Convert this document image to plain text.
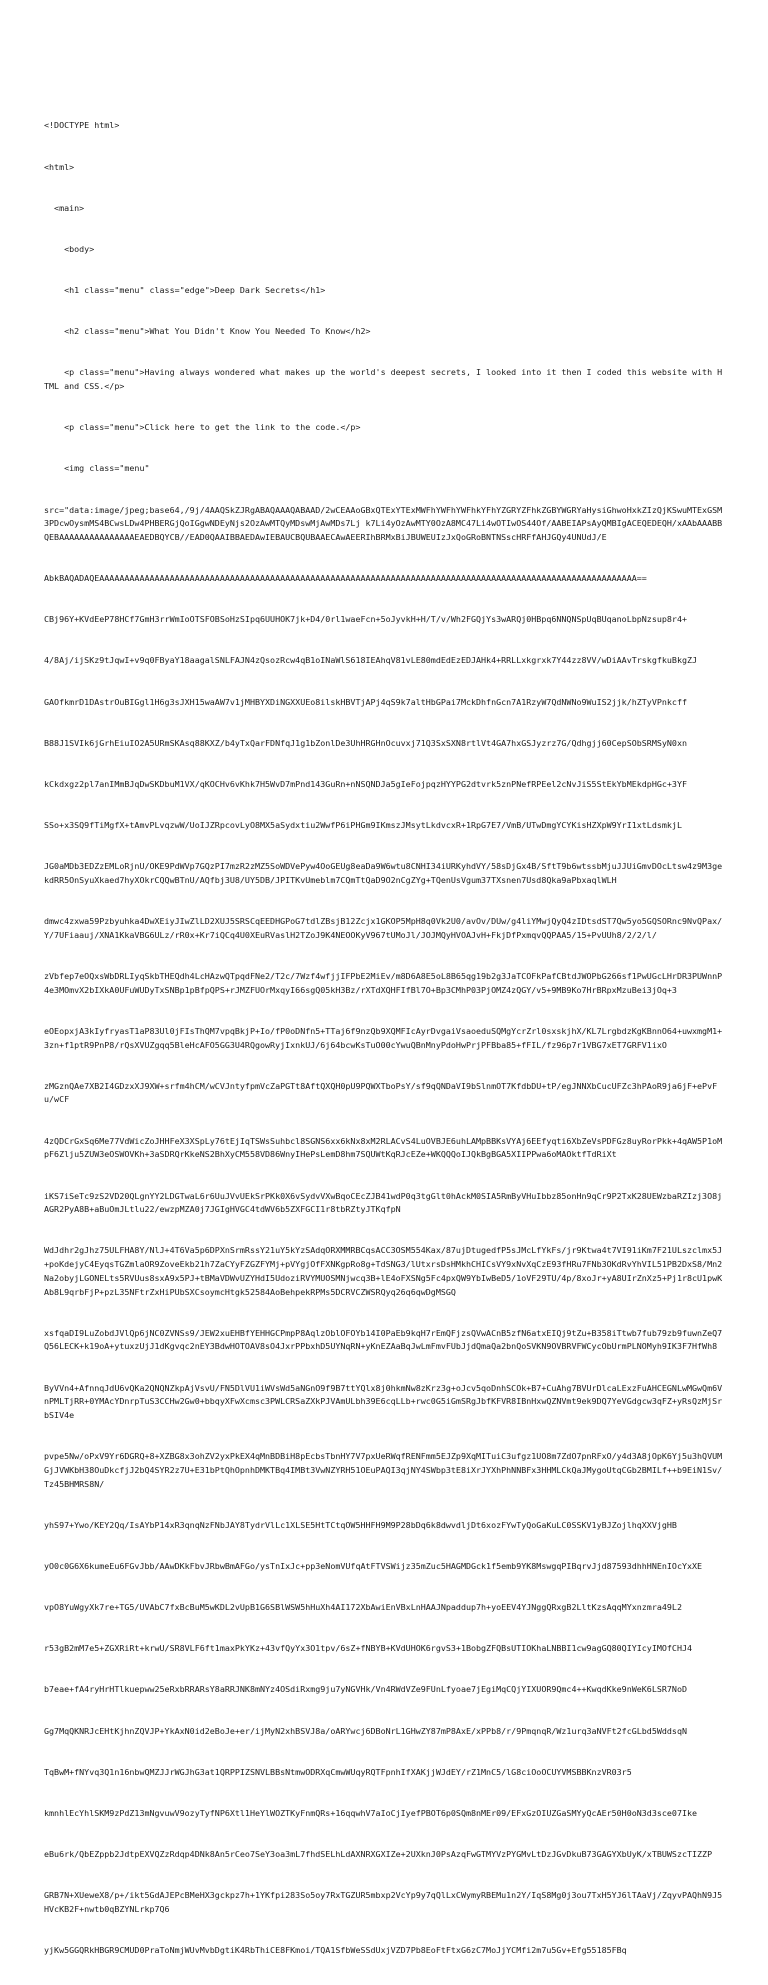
<!DOCTYPE html>

<html>

<main>

<body>

<h1 class="menu" class="edge">Deep Dark Secrets</h1>

<h2 class="menu">What You Didn't Know You Needed To Know</h2>

<p class="menu">Having always wondered what makes up the world's deepest secrets, I looked into it then I coded this website with HTML and CSS.</p>

<p class="menu">Click here to get the link to the code.</p>

<img class="menu"

src="data:image/jpeg;base64,/9j/4AAQSkZJRgABAQAAAQABAAD/2wCEAAoGBxQTExYTExMWFhYWFhYWFhkYFhYZGRYZFhkZGBYWGRYaHysiGhwoHxkZIzQjKSwuMTExGSM3PDcwOysmMS4BCwsLDw4PHBERGjQoIGgwNDEyNjs2OzAwMTQyMDswMjAwMDs7Lj k7Li4yOzAwMTY0OzA8MC47Li4wOTIwOS44Of/AABEIAPsAyQMBIgACEQEDEQH/xAAbAAABBQEBAAAAAAAAAAAAAAAEAEDBQYCB//EAD0QAAIBBAEDAwIEBAUCBQUBAAECAwAEERIhBRMxBiJBUWEUIzJxQoGRoBNTNSscHRFfAHJGQy4UNUdJ/E

AbkBAQADAQEAAAAAAAAAAAAAAAAAAAAAAAAAAAAAAAAAAAAAAAAAAAAAAAAAAAAAAAAAAAAAAAAAAAAAAAAAAAAAAAAAAAAAAAAAAAAAAAAAAAAAAAAAAA==

CBj96Y+KVdEeP78HCf7GmH3rrWmIoOTSFOBSoHzSIpq6UUHOK7jk+D4/0rl1waeFcn+5oJyvkH+H/T/v/Wh2FGQjYs3wARQj0HBpq6NNQNSpUqBUqanoLbpNzsup8r4+

4/8Aj/ijSKz9tJqwI+v9q0FByaY18aagalSNLFAJN4zQsozRcw4qB1oINaWlS618IEAhqV81vLE80mdEdEzEDJAHk4+RRLLxkgrxk7Y44zz8VV/wDiAAvTrskgfkuBkgZJ

GAOfkmrD1DAstrOuBIGgl1H6g3sJXH15waAW7v1jMHBYXDiNGXXUEo8ilskHBVTjAPj4qS9k7altHbGPai7MckDhfnGcn7A1RzyW7QdNWNo9WuIS2jjk/hZTyVPnkcff

B88J1SVIk6jGrhEiuIO2A5URmSKAsq88KXZ/b4yTxQarFDNfqJ1g1bZonlDe3UhHRGHnOcuvxj71Q3SxSXN8rtlVt4GA7hxGSJyzrz7G/Qdhgjj60CepSObSRMSyN0xn

kCkdxgz2pl7anIMmBJqDwSKDbuM1VX/qKOCHv6vKhk7H5WvD7mPnd143GuRn+nNSQNDJa5gIeFojpqzHYYPG2dtvrk5znPNefRPEel2cNvJiS5StEkYbMEkdpHGc+3YF

SSo+x3SQ9fTiMgfX+tAmvPLvqzwW/UoIJZRpcovLyO8MX5aSydxtiu2WwfP6iPHGm9IKmszJMsytLkdvcxR+1RpG7E7/VmB/UTwDmgYCYKisHZXpW9YrI1xtLdsmkjL

JG0aMDb3EDZzEMLoRjnU/OKE9PdWVp7GQzPI7mzR2zMZ5SoWDVePyw4OoGEUg8eaDa9W6wtu8CNHI34iURKyhdVY/58sDjGx4B/SftT9b6wtssbMjuJJUiGmvDOcLtsw4z9M3gekdRR5OnSyuXkaed7hyXOkrCQQwBTnU/AQfbj3U8/UY5DB/JPITKvUmeblm7CQmTtQaD9O2nCgZYg+TQenUsVgum37TXsnen7Usd8Qka9aPbxaqlWLH

dmwc4zxwa59Pzbyuhka4DwXEiyJIwZlLD2XUJ5SRSCqEEDHGPoG7tdlZBsjB12Zcjx1GKOP5MpH8q0Vk2U0/avOv/DUw/g4liYMwjQyQ4zIDtsdST7Qw5yo5GQSORnc9NvQPax/Y/7UFiaauj/XNA1KkaVBG6ULz/rR0x+Kr7iQCq4U0XEuRVaslH2TZoJ9K4NEOOKyV967tUMoJl/JOJMQyHVOAJvH+FkjDfPxmqvQQPAA5/15+PvUUh8/2/2/l/

zVbfep7eOQxsWbDRLIyqSkbTHEQdh4LcHAzwQTpqdFNe2/T2c/7Wzf4wfjjIFPbE2MiEv/m8D6A8E5oL8B65qg19b2g3JaTCOFkPafCBtdJWOPbG266sf1PwUGcLHrDR3PUWnnP4e3MOmvX2bIXkA0UFuWUDyTxSNBp1pBfpQPS+rJMZFUOrMxqyI66sgQ05kH3Bz/rXTdXQHFIfBl7O+Bp3CMhP03PjOMZ4zQGY/v5+9MB9Ko7HrBRpxMzuBei3jOq+3

eOEopxjA3kIyfryasT1aP83Ul0jFIsThQM7vpqBkjP+Io/fP0oDNfn5+TTaj6f9nzQb9XQMFIcAyrDvgaiVsaoeduSQMgYcrZrl0sxskjhX/KL7LrgbdzKgKBnnO64+uwxmgM1+3zn+f1ptR9PnP8/rQsXVUZgqq5BleHcAFO5GG3U4RQgowRyjIxnkUJ/6j64bcwKsTuO00cYwuQBnMnyPdoHwPrjPFBba85+fFIL/fz96p7r1VBG7xET7GRFV1ixO

zMGznQAe7XB2I4GDzxXJ9XW+srfm4hCM/wCVJntyfpmVcZaPGTt8AftQXQH0pU9PQWXTboPsY/sf9qQNDaVI9bSlnmOT7KfdbDU+tP/egJNNXbCucUFZc3hPAoR9ja6jF+ePvFu/wCF

4zQDCrGxSq6Me77VdWicZoJHHFeX3XSpLy76tEjIqTSWsSuhbcl8SGNS6xx6kNx8xM2RLACvS4LuOVBJE6uhLAMpBBKsVYAj6EEfyqti6XbZeVsPDFGz8uyRorPkk+4qAW5P1oMpF6Zlju5ZUW3eOSWOVKh+3aSDRQrKkeNS2BhXyCM558VD86WnyIHePsLemD8hm7SQUWtKqRJcEZe+WKQQQoIJQkBgBGA5XIIPPwa6oMAOktfTdRiXt

iKS7iSeTc9zS2VD20QLgnYY2LDGTwaL6r6UuJVvUEkSrPKk0X6vSydvVXwBqoCEcZJB41wdP0q3tgGlt0hAckM0SIA5RmByVHuIbbz85onHn9qCr9P2TxK28UEWzbaRZIzj3O8jAGR2PyA8B+aBuOmJLtlu22/ewzpMZA0j7JGIgHVGC4tdWV6b5ZXFGCI1r8tbRZtyJTKqfpN

WdJdhr2gJhz75ULFHA8Y/NlJ+4T6Va5p6DPXnSrmRssY21uY5kYzSAdqORXMMRBCqsACC3OSM554Kax/87ujDtugedfP5sJMcLfYkFs/jr9Ktwa4t7VI91iKm7F21ULszclmx5J+poKdejyC4EyqsTGZmlaOR9ZoveEkb21h7ZaCYyFZGZFYMj+pVYgjOfFXNKgpRo8g+TdSNG3/lUtxrsDsHMkhCHICsVY9xNvXqCzE93fHRu7FNb3OKdRvYhVIL51PB2DxS8/Mn2Na2obyjLGONELts5RVUus8sxA9x5PJ+tBMaVDWvUZYHdI5UdoziRVYMUOSMNjwcq3B+lE4oFXSNg5Fc4pxQW9YbIwBeD5/1oVF29TU/4p/8xoJr+yA8UIrZnXz5+Pj1r8cU1pwKAb8L9qrbFjP+pzL35NFtrZxHiPUbSXCsoymcHtgk52584AoBehpekRPMs5DCRVCZWSRQyq26q6qwDgMSGQ

xsfqaDI9LuZobdJVlQp6jNC0ZVNSs9/JEW2xuEHBfYEHHGCPmpP8AqlzOblOFOYb14I0PaEb9kqH7rEmQFjzsQVwACnB5zfN6atxEIQj9tZu+B358iTtwb7fub79zb9fuwnZeQ7Q56LECK+k19oA+ytuxzUjJ1dKgvqc2nEY3BdwHOTOAV8sO4JxrPPbxhD5UYNqRN+yKnEZAaBqJwLmFmvFUbJjdQmaQa2bnQoSVKN9OVBRVFWCycObUrmPLNOMyh9IK3F7HfWh8

ByVVn4+AfnnqJdU6vQKa2QNQNZkpAjVsvU/FN5DlVU1iWVsWd5aNGnO9f9B7ttYQlx8j0hkmNw8zKrz3g+oJcv5qoDnhSCOk+B7+CuAhg7BVUrDlcaLExzFuAHCEGNLwMGwQm6VnPMLTjRR+0YMAcYDnrpTuS3CCHw2Gw0+bbqyXFwXcmsc3PWLCRSaZXkPJVAmULbh39E6cqLLb+rwc0G5iGmSRgJbfKFVR8IBnHxwQZNVmt9ek9DQ7YeVGdgcw3qFZ+yRsQzMjSrbSIV4e

pvpe5Nw/oPxV9Yr6DGRQ+8+XZBG8x3ohZV2yxPkEX4qMnBDBiH8pEcbsTbnHY7V7pxUeRWqfRENFmm5EJZp9XqMITuiC3ufgz1UO8m7ZdO7pnRFxO/y4d3A8jOpK6Yj5u3hQVUMGjJVWKbH38OuDkcfjJ2bQ4SYR2z7U+E31bPtQhOpnhDMKTBq4IMBt3VwNZYRH51OEuPAQI3qjNY4SWbp3tE8iXrJYXhPhNNBFx3HHMLCkQaJMygoUtqCGb2BMILf++b9EiN1Sv/Tz45BHMRS8N/

yhS97+Ywo/KEY2Qq/IsAYbP14xR3qnqNzFNbJAY8TydrVlLc1XLSE5HtTCtqOW5HHFH9M9P28bDq6k8dwvdljDt6xozFYwTyQoGaKuLC0SSKV1yBJZojlhqXXVjgHB

yO0c0G6X6kumeEu6FGvJbb/AAwDKkFbvJRbwBmAFGo/ysTnIxJc+pp3eNomVUfqAtFTVSWijz35mZuc5HAGMDGck1f5emb9YK8MswgqPIBqrvJjd87593dhhHNEnIOcYxXE

vpO8YuWgyXk7re+TG5/UVAbC7fxBcBuM5wKDL2vUpB1G6SBlWSW5hHuXh4AI172XbAwiEnVBxLnHAAJNpaddup7h+yoEEV4YJNggQRxgB2LltKzsAqqMYxnzmra49L2

r53gB2mM7e5+ZGXRiRt+krwU/SR8VLF6ft1maxPkYKz+43vfQyYx3O1tpv/6sZ+fNBYB+KVdUHOK6rgvS3+1BobgZFQBsUTIOKhaLNBBI1cw9agGQ80QIYIcyIMOfCHJ4

b7eae+fA4ryHrHTlkuepww25eRxbRRARsY8aRRJNK8mNYz4OSdiRxmg9ju7yNGVHk/Vn4RWdVZe9FUnLfyoae7jEgiMqCQjYIXUOR9Qmc4++KwqdKke9nWeK6LSR7NoD

Gg7MqQKNRJcEHtKjhnZQVJP+YkAxN0id2eBoJe+er/ijMyN2xhBSVJ8a/oARYwcj6DBoNrL1GHwZY87mP8AxE/xPPb8/r/9PmqnqR/Wz1urq3aNVFt2fcGLbd5WddsqN

TqBwM+fNYvq3Q1n16nbwQMZJJrWGJhG3at1QRPPIZSNVLBBsNtmwODRXqCmwWUqyRQTFpnhIfXAKjjWJdEY/rZ1MnC5/lG8ciOoOCUYVMSBBKnzVR03r5

kmnhlEcYhlSKM9zPdZ13mNgvuwV9ozyTyfNP6Xtl1HeYlWOZTKyFnmQRs+16qqwhV7aIoCjIyefPBOT6p0SQm8nMEr09/EFxGzOIUZGaSMYyQcAEr50H0oN3d3sce07Ike

eBu6rk/QbEZppb2JdtpEXVQZzRdqp4DNk8An5rCeo7SeY3oa3mL7fhdSELhLdAXNRXGXIZe+2UXknJ0PsAzqFwGTMYVzPYGMvLtDzJGvDkuB73GAGYXbUyK/xTBUWSzcTIZZP

GRB7N+XUeweX8/p+/ikt5GdAJEPcBMeHX3gckpz7h+1YKfpi283So5oy7RxTGZUR5mbxp2VcYp9y7qQlLxCWymyRBEMu1n2Y/IqS8Mg0j3ou7TxH5YJ6lTAaVj/ZqyvPAQhN9J5HVcKB2F+nwtb0qBZYNLrkp7Q6

yjKw5GGQRkHBGR9CMUD0PraToNmjWUvMvbDgtiK4RbThiCE8FKmoi/TQA1SfbWeSSdUxjVZD7Pb8EoFtFtxG6zC7MoJjYCMfi2m7u5Gv+Efg55185FBq
